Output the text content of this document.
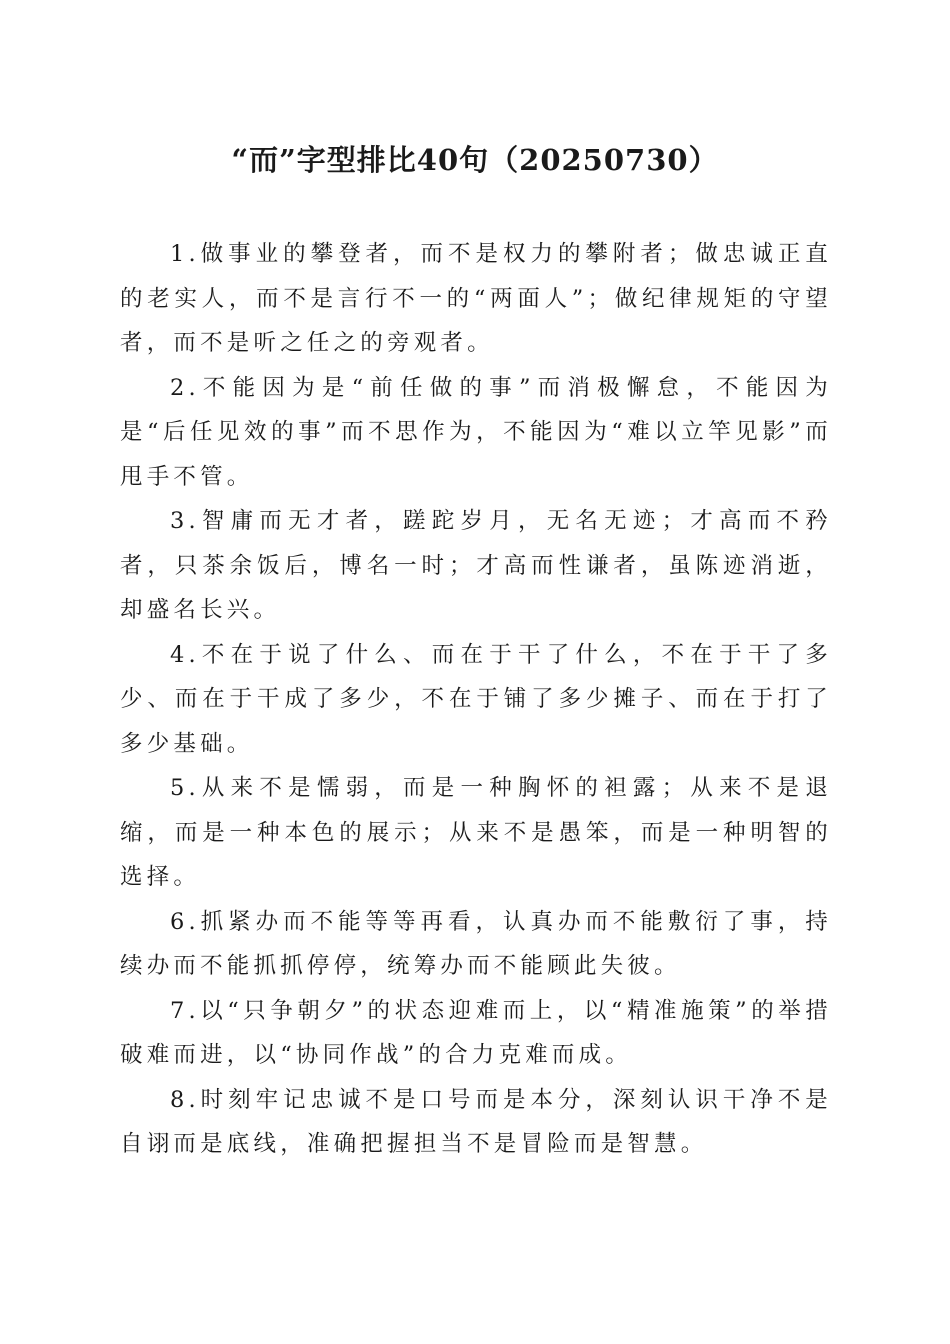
“而”字型排比40句（20250730）

1.做事业的攀登者，而不是权力的攀附者；做忠诚正直的老实人，而不是言行不一的“两面人”；做纪律规矩的守望者，而不是听之任之的旁观者。

2.不能因为是“前任做的事”而消极懈怠，不能因为是“后任见效的事”而不思作为，不能因为“难以立竿见影”而甩手不管。

3.智庸而无才者，蹉跎岁月，无名无迹；才高而不矜者，只茶余饭后，博名一时；才高而性谦者，虽陈迹消逝，却盛名长兴。

4.不在于说了什么、而在于干了什么，不在于干了多少、而在于干成了多少，不在于铺了多少摊子、而在于打了多少基础。

5.从来不是懦弱，而是一种胸怀的袒露；从来不是退缩，而是一种本色的展示；从来不是愚笨，而是一种明智的选择。

6.抓紧办而不能等等再看，认真办而不能敷衍了事，持续办而不能抓抓停停，统筹办而不能顾此失彼。

7.以“只争朝夕”的状态迎难而上，以“精准施策”的举措破难而进，以“协同作战”的合力克难而成。

8.时刻牢记忠诚不是口号而是本分，深刻认识干净不是自诩而是底线，准确把握担当不是冒险而是智慧。
